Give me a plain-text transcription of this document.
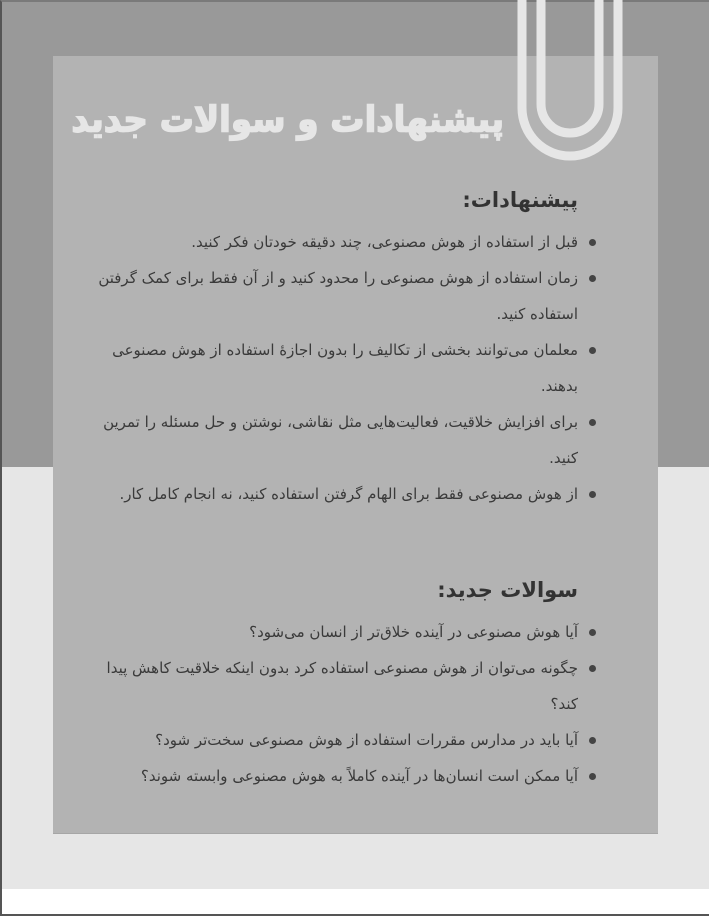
پیشنهادات و سوالات جدید
پیشنهادات:
قبل از استفاده از هوش مصنوعی، چند دقیقه خودتان فکر کنید.
زمان استفاده از هوش مصنوعی را محدود کنید و از آن فقط برای کمک گرفتن استفاده کنید.
معلمان می‌توانند بخشی از تکالیف را بدون اجازهٔ استفاده از هوش مصنوعی بدهند.
برای افزایش خلاقیت، فعالیت‌هایی مثل نقاشی، نوشتن و حل مسئله را تمرین کنید.
از هوش مصنوعی فقط برای الهام گرفتن استفاده کنید، نه انجام کامل کار.
سوالات جدید:
آیا هوش مصنوعی در آینده خلاق‌تر از انسان می‌شود؟
چگونه می‌توان از هوش مصنوعی استفاده کرد بدون اینکه خلاقیت کاهش پیدا کند؟
آیا باید در مدارس مقررات استفاده از هوش مصنوعی سخت‌تر شود؟
آیا ممکن است انسان‌ها در آینده کاملاً به هوش مصنوعی وابسته شوند؟
